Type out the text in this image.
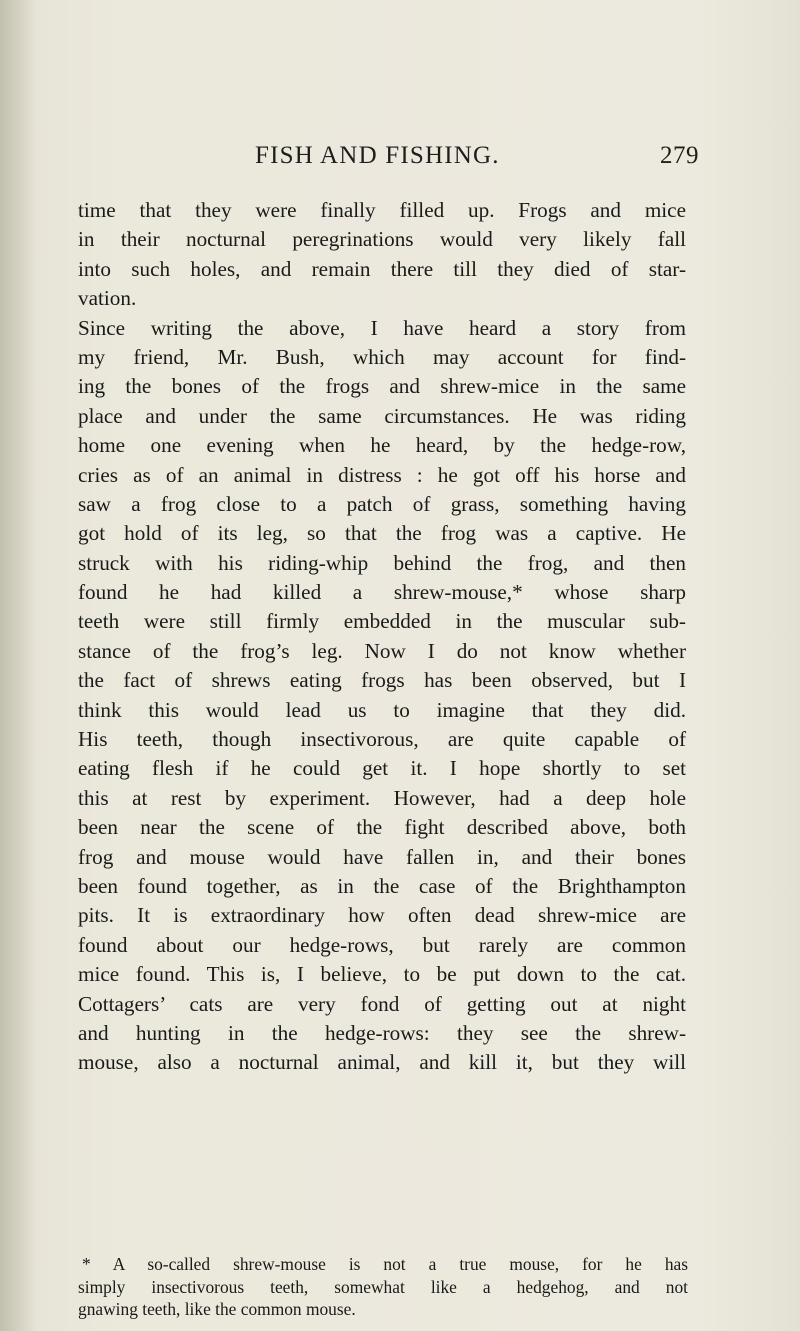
FISH AND FISHING.	279
time that they were finally filled up. Frogs and mice
in their nocturnal peregrinations would very likely fall
into such holes, and remain there till they died of star-
vation.
Since writing the above, I have heard a story from
my friend, Mr. Bush, which may account for find-
ing the bones of the frogs and shrew-mice in the same
place and under the same circumstances. He was riding
home one evening when he heard, by the hedge-row,
cries as of an animal in distress : he got off his horse and
saw a frog close to a patch of grass, something having
got hold of its leg, so that the frog was a captive. He
struck with his riding-whip behind the frog, and then
found he had killed a shrew-mouse,* whose sharp
teeth were still firmly embedded in the muscular sub-
stance of the frog’s leg. Now I do not know whether
the fact of shrews eating frogs has been observed, but I
think this would lead us to imagine that they did.
His teeth, though insectivorous, are quite capable of
eating flesh if he could get it. I hope shortly to set
this at rest by experiment. However, had a deep hole
been near the scene of the fight described above, both
frog and mouse would have fallen in, and their bones
been found together, as in the case of the Brighthampton
pits. It is extraordinary how often dead shrew-mice are
found about our hedge-rows, but rarely are common
mice found. This is, I believe, to be put down to the cat.
Cottagers’ cats are very fond of getting out at night
and hunting in the hedge-rows: they see the shrew-
mouse, also a nocturnal animal, and kill it, but they will
* A so-called shrew-mouse is not a true mouse, for he has
simply insectivorous teeth, somewhat like a hedgehog, and not
gnawing teeth, like the common mouse.
